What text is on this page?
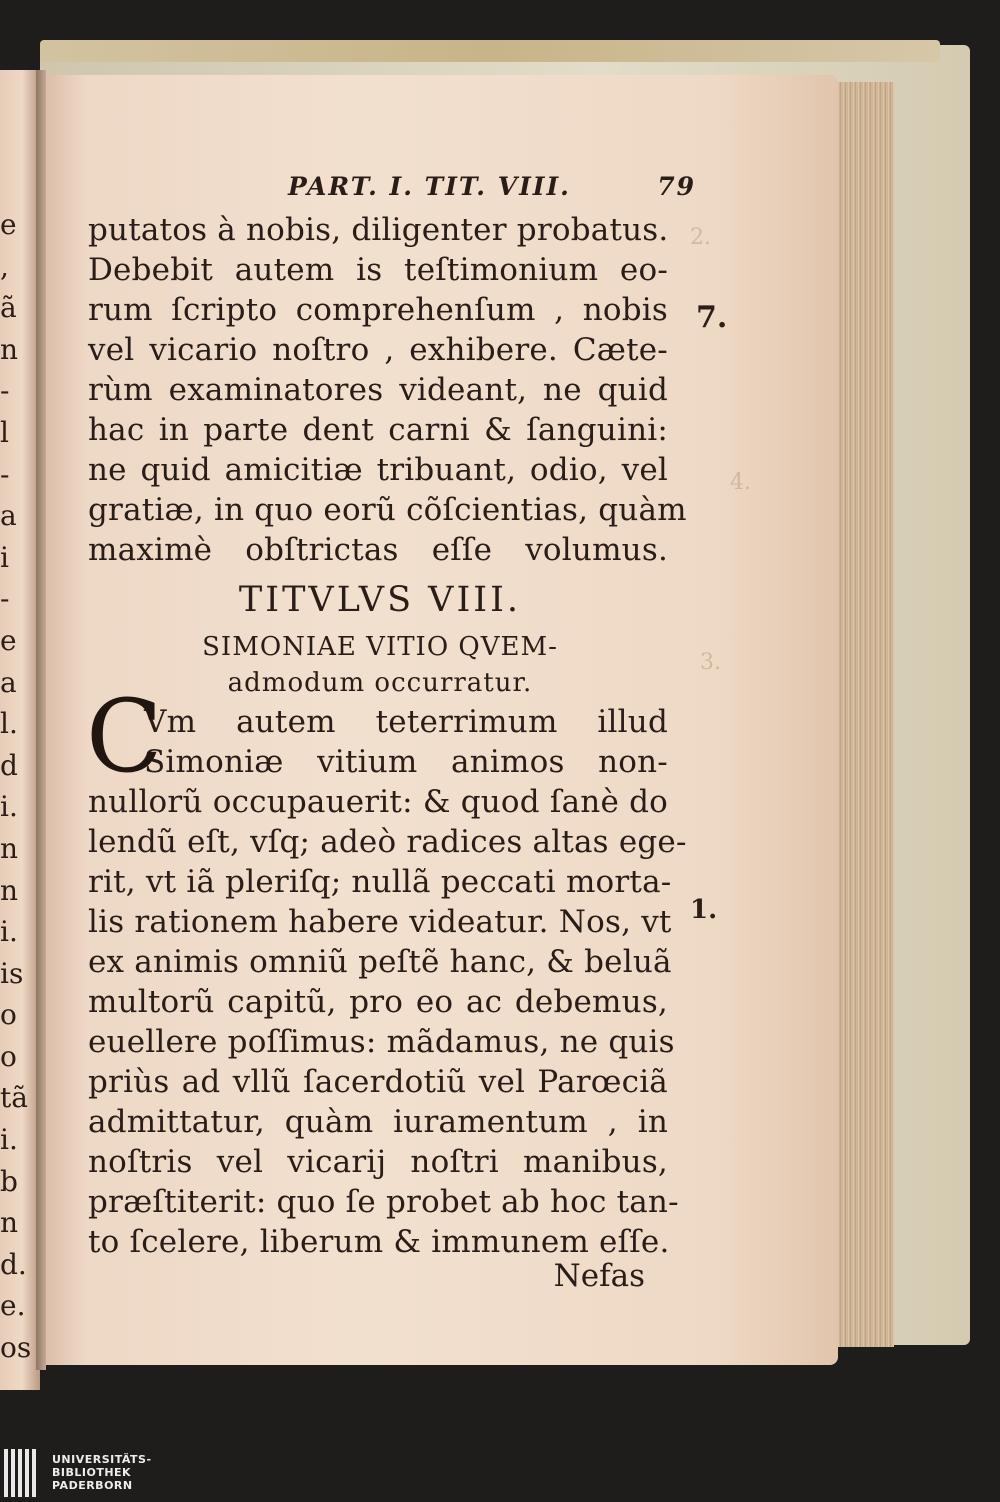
e
,
ã
n
-
l
-
a
i
-
e
a
l.
d
i.
n
n
i.
is
o
o
tã
i.
b
n
d.
e.
os
2.
4.
3.
7.
1.
PART. I. TIT. VIII.	79
putatos à nobis, diligenter probatus.
Debebit autem is teſtimonium eo-
rum ſcripto comprehenſum , nobis
vel vicario noſtro , exhibere. Cæte-
rùm examinatores videant, ne quid
hac in parte dent carni & ſanguini:
ne quid amicitiæ tribuant, odio, vel
gratiæ, in quo eorũ cõſcientias, quàm
maximè obſtrictas eſſe volumus.
TITVLVS VIII.
SIMONIAE VITIO QVEM-
admodum occurratur.
Vm autem teterrimum illud
Simoniæ vitium animos non-
nullorũ occupauerit: & quod ſanè do
lendũ eſt, vſq; adeò radices altas ege-
rit, vt iã pleriſq; nullã peccati morta-
lis rationem habere videatur. Nos, vt
ex animis omniũ peſtẽ hanc, & beluã
multorũ capitũ, pro eo ac debemus,
euellere poſſimus: mãdamus, ne quis
priùs ad vllũ ſacerdotiũ vel Parœciã
admittatur, quàm iuramentum , in
noſtris vel vicarij noſtri manibus,
præſtiterit: quo ſe probet ab hoc tan-
to ſcelere, liberum & immunem eſſe.
C
Nefas
UNIVERSITÄTS-
BIBLIOTHEK
PADERBORN
